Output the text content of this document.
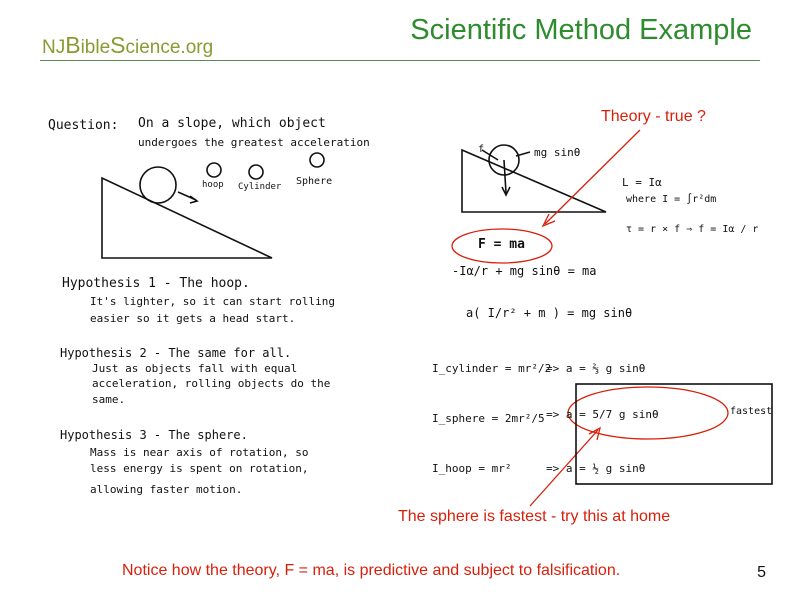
NJBibleScience.org
Scientific Method Example
Question: On a slope, which object
undergoes the greatest acceleration
hoop Cylinder Sphere
Hypothesis 1 - The hoop.
It's lighter, so it can start rolling
easier so it gets a head start.
Hypothesis 2 - The same for all.
Just as objects fall with equal
acceleration, rolling objects do the
same.
Hypothesis 3 - The sphere.
Mass is near axis of rotation, so
less energy is spent on rotation,
allowing faster motion.
mg sinθ
f
L = Iα
where I = ∫r²dm
τ = r × f ⇒ f = Iα / r
F = ma
-Iα/r + mg sinθ = ma
a( I/r² + m ) = mg sinθ
I_cylinder = mr²/2
=> a = ⅔ g sinθ
I_sphere = 2mr²/5 => a = 5/7 g sinθ
I_hoop = mr²	=> a = ½ g sinθ
fastest
Theory - true ?
The sphere is fastest - try this at home
Notice how the theory, F = ma, is predictive and subject to falsification.	5
